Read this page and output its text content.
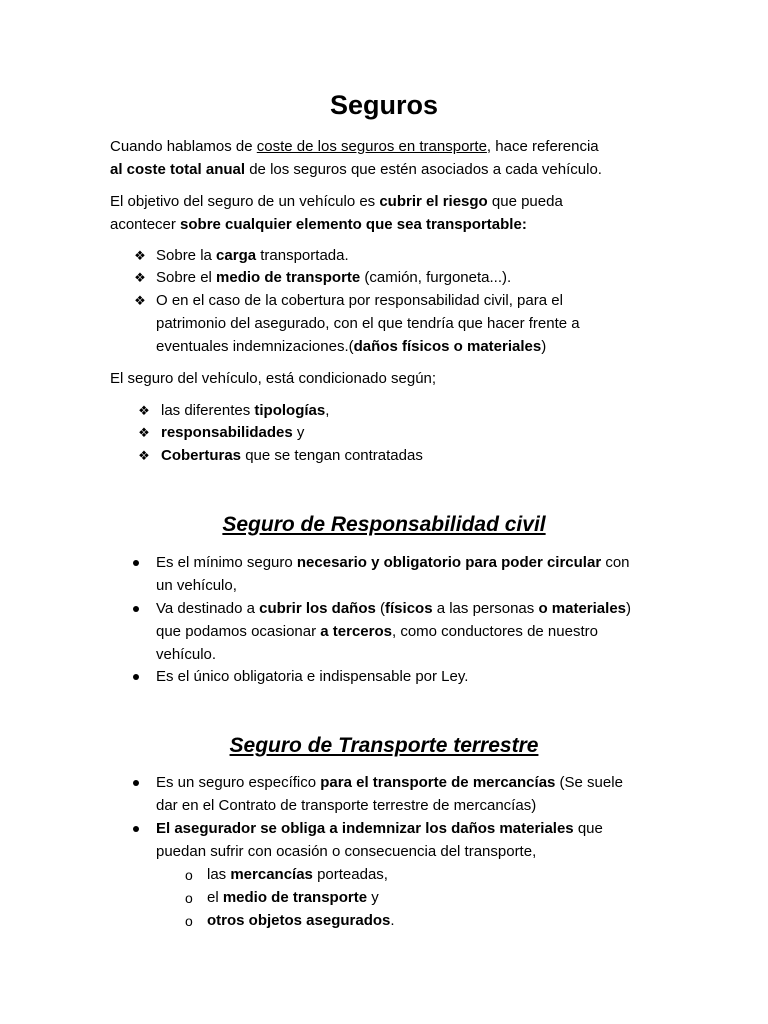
Seguros
Cuando hablamos de coste de los seguros en transporte, hace referencia
al coste total anual de los seguros que estén asociados a cada vehículo.
El objetivo del seguro de un vehículo es cubrir el riesgo que pueda
acontecer sobre cualquier elemento que sea transportable:
❖ Sobre la carga transportada.
❖ Sobre el medio de transporte (camión, furgoneta...).
❖ O en el caso de la cobertura por responsabilidad civil, para el
patrimonio del asegurado, con el que tendría que hacer frente a
eventuales indemnizaciones.(daños físicos o materiales)
El seguro del vehículo, está condicionado según;
❖ las diferentes tipologías,
❖ responsabilidades y
❖ Coberturas que se tengan contratadas
Seguro de Responsabilidad civil
Es el mínimo seguro necesario y obligatorio para poder circular con
un vehículo,
Va destinado a cubrir los daños (físicos a las personas o materiales)
que podamos ocasionar a terceros, como conductores de nuestro
vehículo.
Es el único obligatoria e indispensable por Ley.
Seguro de Transporte terrestre
Es un seguro específico para el transporte de mercancías (Se suele
dar en el Contrato de transporte terrestre de mercancías)
El asegurador se obliga a indemnizar los daños materiales que
puedan sufrir con ocasión o consecuencia del transporte,
o las mercancías porteadas,
o el medio de transporte y
o otros objetos asegurados.
